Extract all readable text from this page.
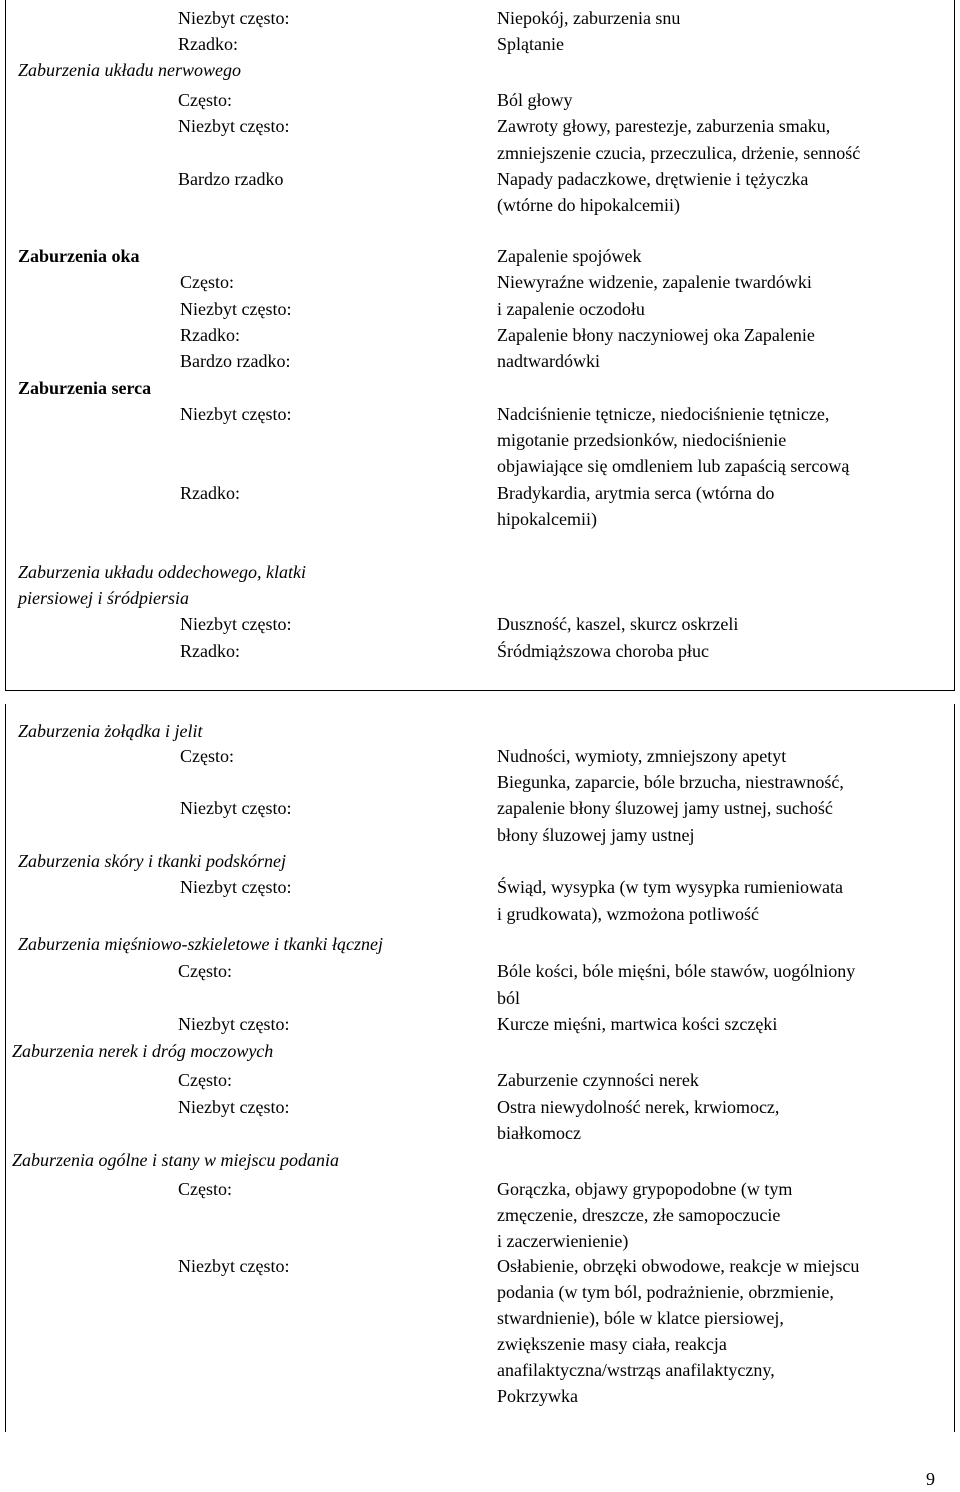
Niezbyt często:
Rzadko:
Niepokój, zaburzenia snu
Splątanie
Zaburzenia układu nerwowego
Często:
Niezbyt często:
Bardzo rzadko
Ból głowy
Zawroty głowy, parestezje, zaburzenia smaku,
zmniejszenie czucia, przeczulica, drżenie, senność
Napady padaczkowe, drętwienie i tężyczka
(wtórne do hipokalcemii)
Zaburzenia oka
Często:
Niezbyt często:
Rzadko:
Bardzo rzadko:
Zapalenie spojówek
Niewyraźne widzenie, zapalenie twardówki
i zapalenie oczodołu
Zapalenie błony naczyniowej oka Zapalenie
nadtwardówki
Zaburzenia serca
Niezbyt często:
Rzadko:
Nadciśnienie tętnicze, niedociśnienie tętnicze,
migotanie przedsionków, niedociśnienie
objawiające się omdleniem lub zapaścią sercową
Bradykardia, arytmia serca (wtórna do
hipokalcemii)
Zaburzenia układu oddechowego, klatki
piersiowej i śródpiersia
Niezbyt często:
Rzadko:
Duszność, kaszel, skurcz oskrzeli
Śródmiąższowa choroba płuc
Zaburzenia żołądka i jelit
Często:
Niezbyt często:
Nudności, wymioty, zmniejszony apetyt
Biegunka, zaparcie, bóle brzucha, niestrawność,
zapalenie błony śluzowej jamy ustnej, suchość
błony śluzowej jamy ustnej
Zaburzenia skóry i tkanki podskórnej
Niezbyt często:	Świąd, wysypka (w tym wysypka rumieniowata
i grudkowata), wzmożona potliwość
Zaburzenia mięśniowo-szkieletowe i tkanki łącznej
Często:
Niezbyt często:
Bóle kości, bóle mięśni, bóle stawów, uogólniony
ból
Kurcze mięśni, martwica kości szczęki
Zaburzenia nerek i dróg moczowych
Często:
Niezbyt często:
Zaburzenie czynności nerek
Ostra niewydolność nerek, krwiomocz,
białkomocz
Zaburzenia ogólne i stany w miejscu podania
Często:
Niezbyt często:
Gorączka, objawy grypopodobne (w tym
zmęczenie, dreszcze, złe samopoczucie
i zaczerwienienie)
Osłabienie, obrzęki obwodowe, reakcje w miejscu
podania (w tym ból, podrażnienie, obrzmienie,
stwardnienie), bóle w klatce piersiowej,
zwiększenie masy ciała, reakcja
anafilaktyczna/wstrząs anafilaktyczny,
Pokrzywka
9
